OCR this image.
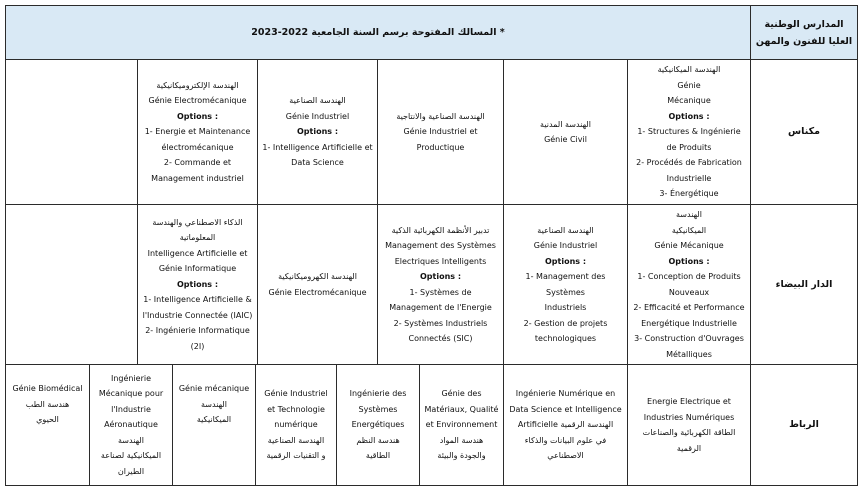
المسالك المفتوحة برسم السنة الجامعية 2022-2023 *
المدارس الوطنية
العليا للفنون والمهن
مكناس
الهندسة الميكانيكية
Génie
Mécanique
Options :
1- Structures & Ingénierie
de Produits
2- Procédés de Fabrication
Industrielle
3- Énergétique
الهندسة المدنية
Génie Civil
الهندسة الصناعية والانتاجية
Génie Industriel et
Productique
الهندسة الصناعية
Génie Industriel
Options :
1- Intelligence Artificielle et
Data Science
الهندسة الإلكتروميكانيكية
Génie Electromécanique
Options :
1- Energie et Maintenance
électromécanique
2- Commande et
Management industriel
الدار البيضاء
الهندسة
الميكانيكية
Génie Mécanique
Options :
1- Conception de Produits
Nouveaux
2- Efficacité et Performance
Energétique Industrielle
3- Construction d'Ouvrages
Métalliques
الهندسة الصناعية
Génie Industriel
Options :
1- Management des Systèmes
Industriels
2- Gestion de projets
technologiques
تدبير الأنظمة الكهربائية الذكية
Management des Systèmes
Electriques Intelligents
Options :
1- Systèmes de
Management de l'Energie
2- Systèmes Industriels
Connectés (SIC)
الهندسة الكهروميكانيكية
Génie Electromécanique
الذكاء الاصطناعي والهندسة
المعلوماتية
Intelligence Artificielle et
Génie Informatique
Options :
1- Intelligence Artificielle &
l'Industrie Connectée (IAIC)
2- Ingénierie Informatique
(2I)
الرباط
Energie Electrique et
Industries Numériques
الطاقة الكهربائية والصناعات
الرقمية
Ingénierie Numérique en
Data Science et Intelligence
Artificielle الهندسة الرقمية
في علوم البيانات والذكاء
الاصطناعي
Génie des
Matériaux, Qualité
et Environnement
هندسة المواد
والجودة والبيئة
Ingénierie des
Systèmes
Energétiques
هندسة النظم
الطاقية
Génie Industriel
et Technologie
numérique
الهندسة الصناعية
و التقنيات الرقمية
Génie mécanique
الهندسة
الميكانيكية
Ingénierie
Mécanique pour
l'Industrie
Aéronautique
الهندسة
الميكانيكية لصناعة
الطيران
Génie Biomédical
هندسة الطب
الحيوي
